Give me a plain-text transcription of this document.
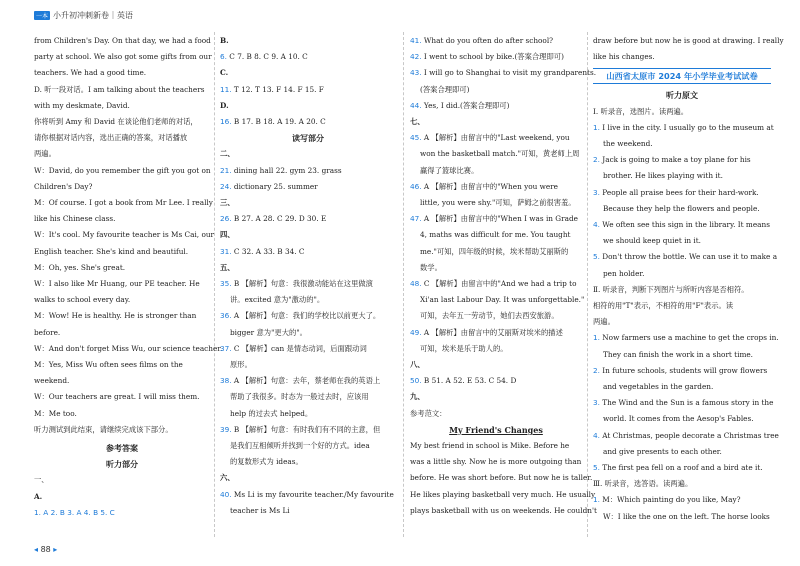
一本 小升初冲刺新卷｜英语
from Children's Day. On that day, we had a food
party at school. We also got some gifts from our
teachers. We had a good time.
D. 听一段对话。I am talking about the teachers
with my deskmate, David.
你将听到 Amy 和 David 在谈论他们老师的对话，
请你根据对话内容，选出正确的答案，对话播放
两遍。
W：David, do you remember the gift you got on
Children's Day?
M：Of course. I got a book from Mr Lee. I really
like his Chinese class.
W：It's cool. My favourite teacher is Ms Cai, our
English teacher. She's kind and beautiful.
M：Oh, yes. She's great.
W：I also like Mr Huang, our PE teacher. He
walks to school every day.
M：Wow! He is healthy. He is stronger than
before.
W：And don't forget Miss Wu, our science teacher.
M：Yes, Miss Wu often sees films on the
weekend.
W：Our teachers are great. I will miss them.
M：Me too.
听力测试到此结束，请继续完成该下部分。
参考答案
听力部分
一、
A.
1. A 2. B 3. A 4. B 5. C
B.
6. C 7. B 8. C 9. A 10. C
C.
11. T 12. T 13. F 14. F 15. F
D.
16. B 17. B 18. A 19. A 20. C
读写部分
二、
21. dining hall 22. gym 23. grass
24. dictionary 25. summer
三、
26. B 27. A 28. C 29. D 30. E
四、
31. C 32. A 33. B 34. C
五、
35. B 【解析】句意：我很激动能站在这里做演
讲。excited 意为"激动的"。
36. A 【解析】句意：我们的学校比以前更大了。
bigger 意为"更大的"。
37. C 【解析】can 是情态动词，后面跟动词
原形。
38. A 【解析】句意：去年，蔡老师在我的英语上
帮助了我很多。时态为一般过去时，应该用
help 的过去式 helped。
39. B 【解析】句意：有时我们有不同的主意，但
是我们互相倾听并找到一个好的方式。idea
的复数形式为 ideas。
六、
40. Ms Li is my favourite teacher./My favourite
teacher is Ms Li
41. What do you often do after school?
42. I went to school by bike.(答案合理即可)
43. I will go to Shanghai to visit my grandparents.
(答案合理即可)
44. Yes, I did.(答案合理即可)
七、
45. A 【解析】由留言中的"Last weekend, you
won the basketball match."可知，黄老师上周
赢得了篮球比赛。
46. A 【解析】由留言中的"When you were
little, you were shy."可知，萨姆之前很害羞。
47. A 【解析】由留言中的"When I was in Grade
4, maths was difficult for me. You taught
me."可知，四年级的时候，埃米帮助艾丽斯的
数学。
48. C 【解析】由留言中的"And we had a trip to
Xi'an last Labour Day. It was unforgettable."
可知，去年五一劳动节，她们去西安旅游。
49. A 【解析】由留言中的艾丽斯对埃米的描述
可知，埃米是乐于助人的。
八、
50. B 51. A 52. E 53. C 54. D
九、
参考范文：
My Friend's Changes
My best friend in school is Mike. Before he
was a little shy. Now he is more outgoing than
before. He was short before. But now he is taller.
He likes playing basketball very much. He usually
plays basketball with us on weekends. He couldn't
draw before but now he is good at drawing. I really
like his changes.
山西省太原市 2024 年小学毕业考试试卷
听力原文
Ⅰ. 听录音，选图片。读两遍。
1. I live in the city. I usually go to the museum at
the weekend.
2. Jack is going to make a toy plane for his
brother. He likes playing with it.
3. People all praise bees for their hard-work.
Because they help the flowers and people.
4. We often see this sign in the library. It means
we should keep quiet in it.
5. Don't throw the bottle. We can use it to make a
pen holder.
Ⅱ. 听录音，判断下列图片与所听内容是否相符。
相符的用"T"表示，不相符的用"F"表示。读
两遍。
1. Now farmers use a machine to get the crops in.
They can finish the work in a short time.
2. In future schools, students will grow flowers
and vegetables in the garden.
3. The Wind and the Sun is a famous story in the
world. It comes from the Aesop's Fables.
4. At Christmas, people decorate a Christmas tree
and give presents to each other.
5. The first pea fell on a roof and a bird ate it.
Ⅲ. 听录音，选答语。读两遍。
1. M：Which painting do you like, May?
W：I like the one on the left. The horse looks
◂ 88 ▸
